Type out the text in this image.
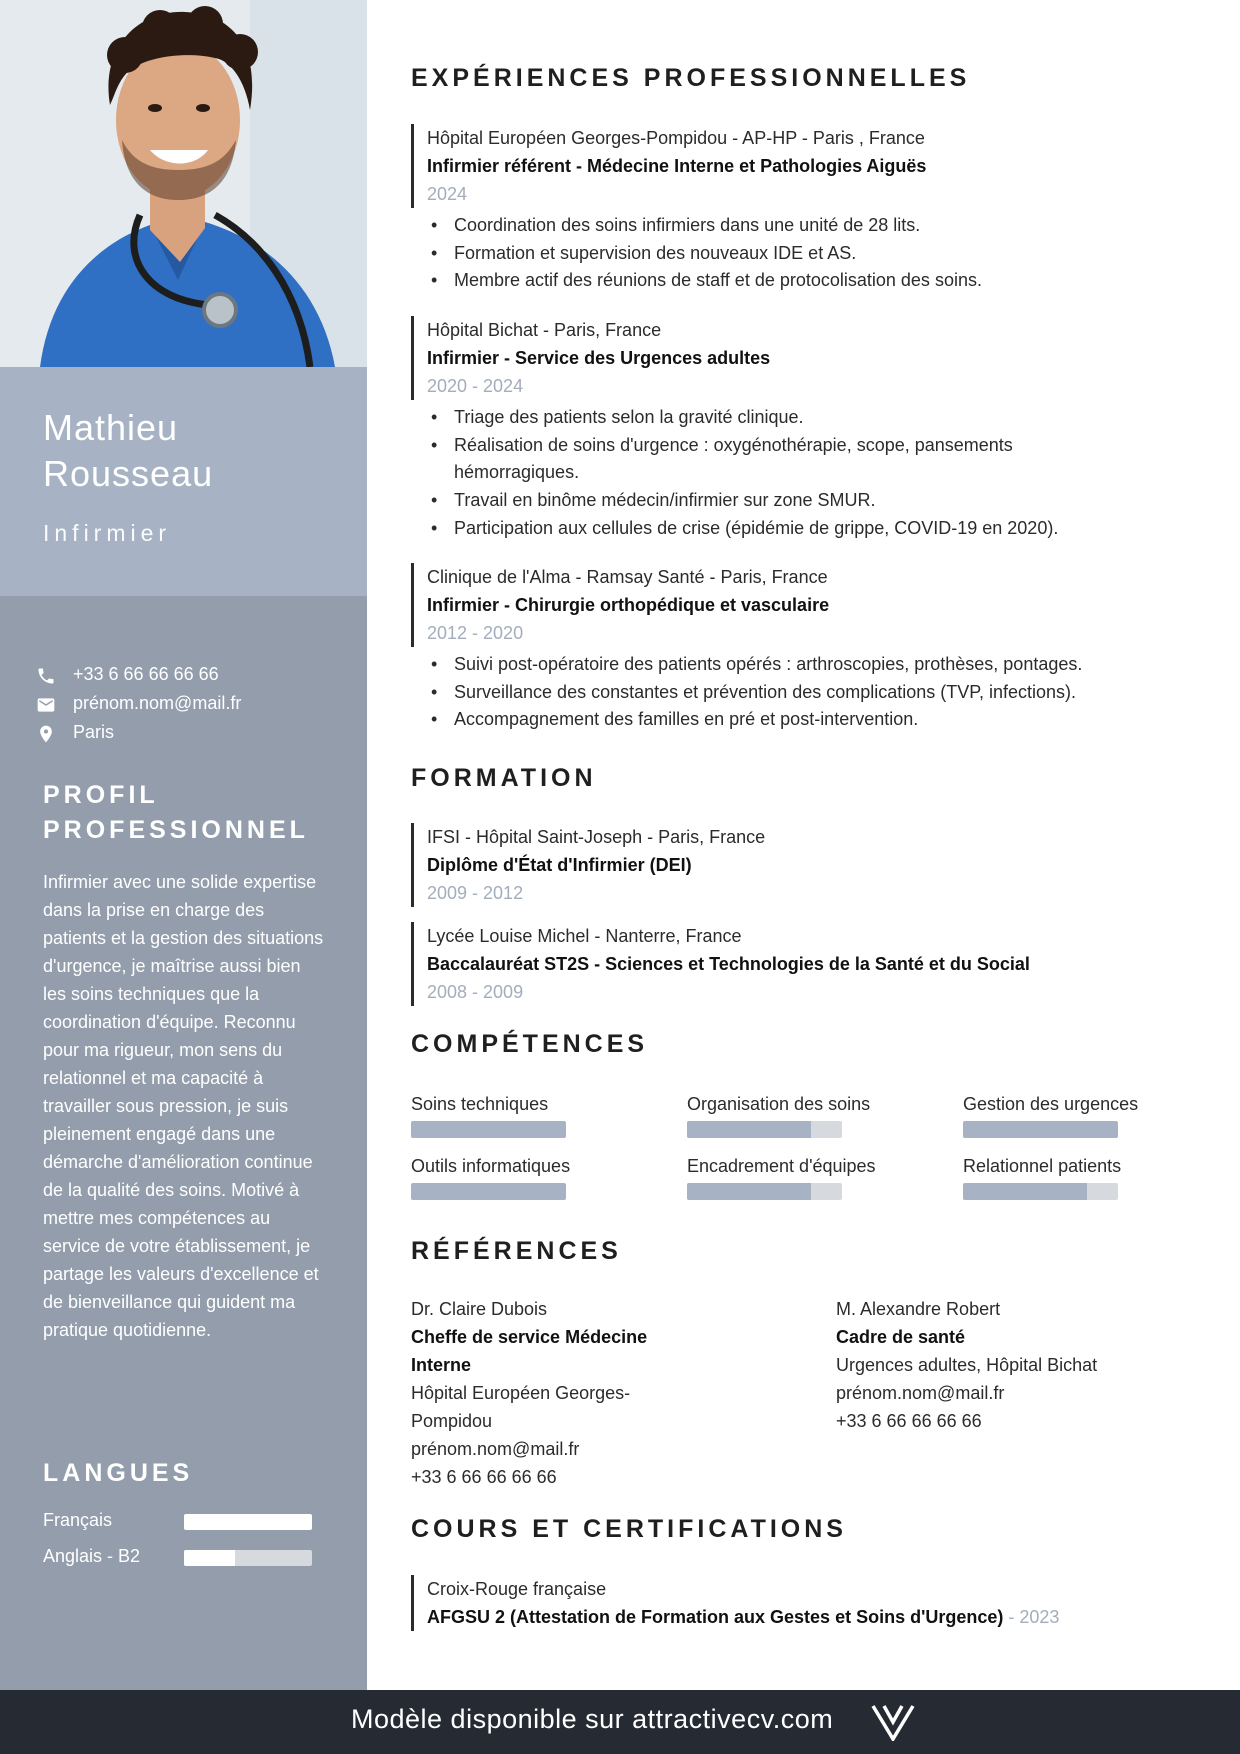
Mathieu
Rousseau
Infirmier
+33 6 66 66 66 66
prénom.nom@mail.fr
Paris
PROFIL PROFESSIONNEL
Infirmier avec une solide expertise dans la prise en charge des patients et la gestion des situations d'urgence, je maîtrise aussi bien les soins techniques que la coordination d'équipe. Reconnu pour ma rigueur, mon sens du relationnel et ma capacité à travailler sous pression, je suis pleinement engagé dans une démarche d'amélioration continue de la qualité des soins. Motivé à mettre mes compétences au service de votre établissement, je partage les valeurs d'excellence et de bienveillance qui guident ma pratique quotidienne.
LANGUES
Français
Anglais - B2
EXPÉRIENCES PROFESSIONNELLES
Hôpital Européen Georges-Pompidou - AP-HP - Paris , France
Infirmier référent - Médecine Interne et Pathologies Aiguës
2024
• Coordination des soins infirmiers dans une unité de 28 lits.
• Formation et supervision des nouveaux IDE et AS.
• Membre actif des réunions de staff et de protocolisation des soins.
Hôpital Bichat - Paris, France
Infirmier - Service des Urgences adultes
2020 - 2024
• Triage des patients selon la gravité clinique.
• Réalisation de soins d'urgence : oxygénothérapie, scope, pansements hémorragiques.
• Travail en binôme médecin/infirmier sur zone SMUR.
• Participation aux cellules de crise (épidémie de grippe, COVID-19 en 2020).
Clinique de l'Alma - Ramsay Santé - Paris, France
Infirmier - Chirurgie orthopédique et vasculaire
2012 - 2020
• Suivi post-opératoire des patients opérés : arthroscopies, prothèses, pontages.
• Surveillance des constantes et prévention des complications (TVP, infections).
• Accompagnement des familles en pré et post-intervention.
FORMATION
IFSI - Hôpital Saint-Joseph - Paris, France
Diplôme d'État d'Infirmier (DEI)
2009 - 2012
Lycée Louise Michel - Nanterre, France
Baccalauréat ST2S - Sciences et Technologies de la Santé et du Social
2008 - 2009
COMPÉTENCES
Soins techniques	Organisation des soins	Gestion des urgences
Outils informatiques	Encadrement d'équipes	Relationnel patients
RÉFÉRENCES
Dr. Claire Dubois
Cheffe de service Médecine
Interne
Hôpital Européen Georges-
Pompidou
prénom.nom@mail.fr
+33 6 66 66 66 66
M. Alexandre Robert
Cadre de santé
Urgences adultes, Hôpital Bichat
prénom.nom@mail.fr
+33 6 66 66 66 66
COURS ET CERTIFICATIONS
Croix-Rouge française
AFGSU 2 (Attestation de Formation aux Gestes et Soins d'Urgence) - 2023
Modèle disponible sur attractivecv.com
